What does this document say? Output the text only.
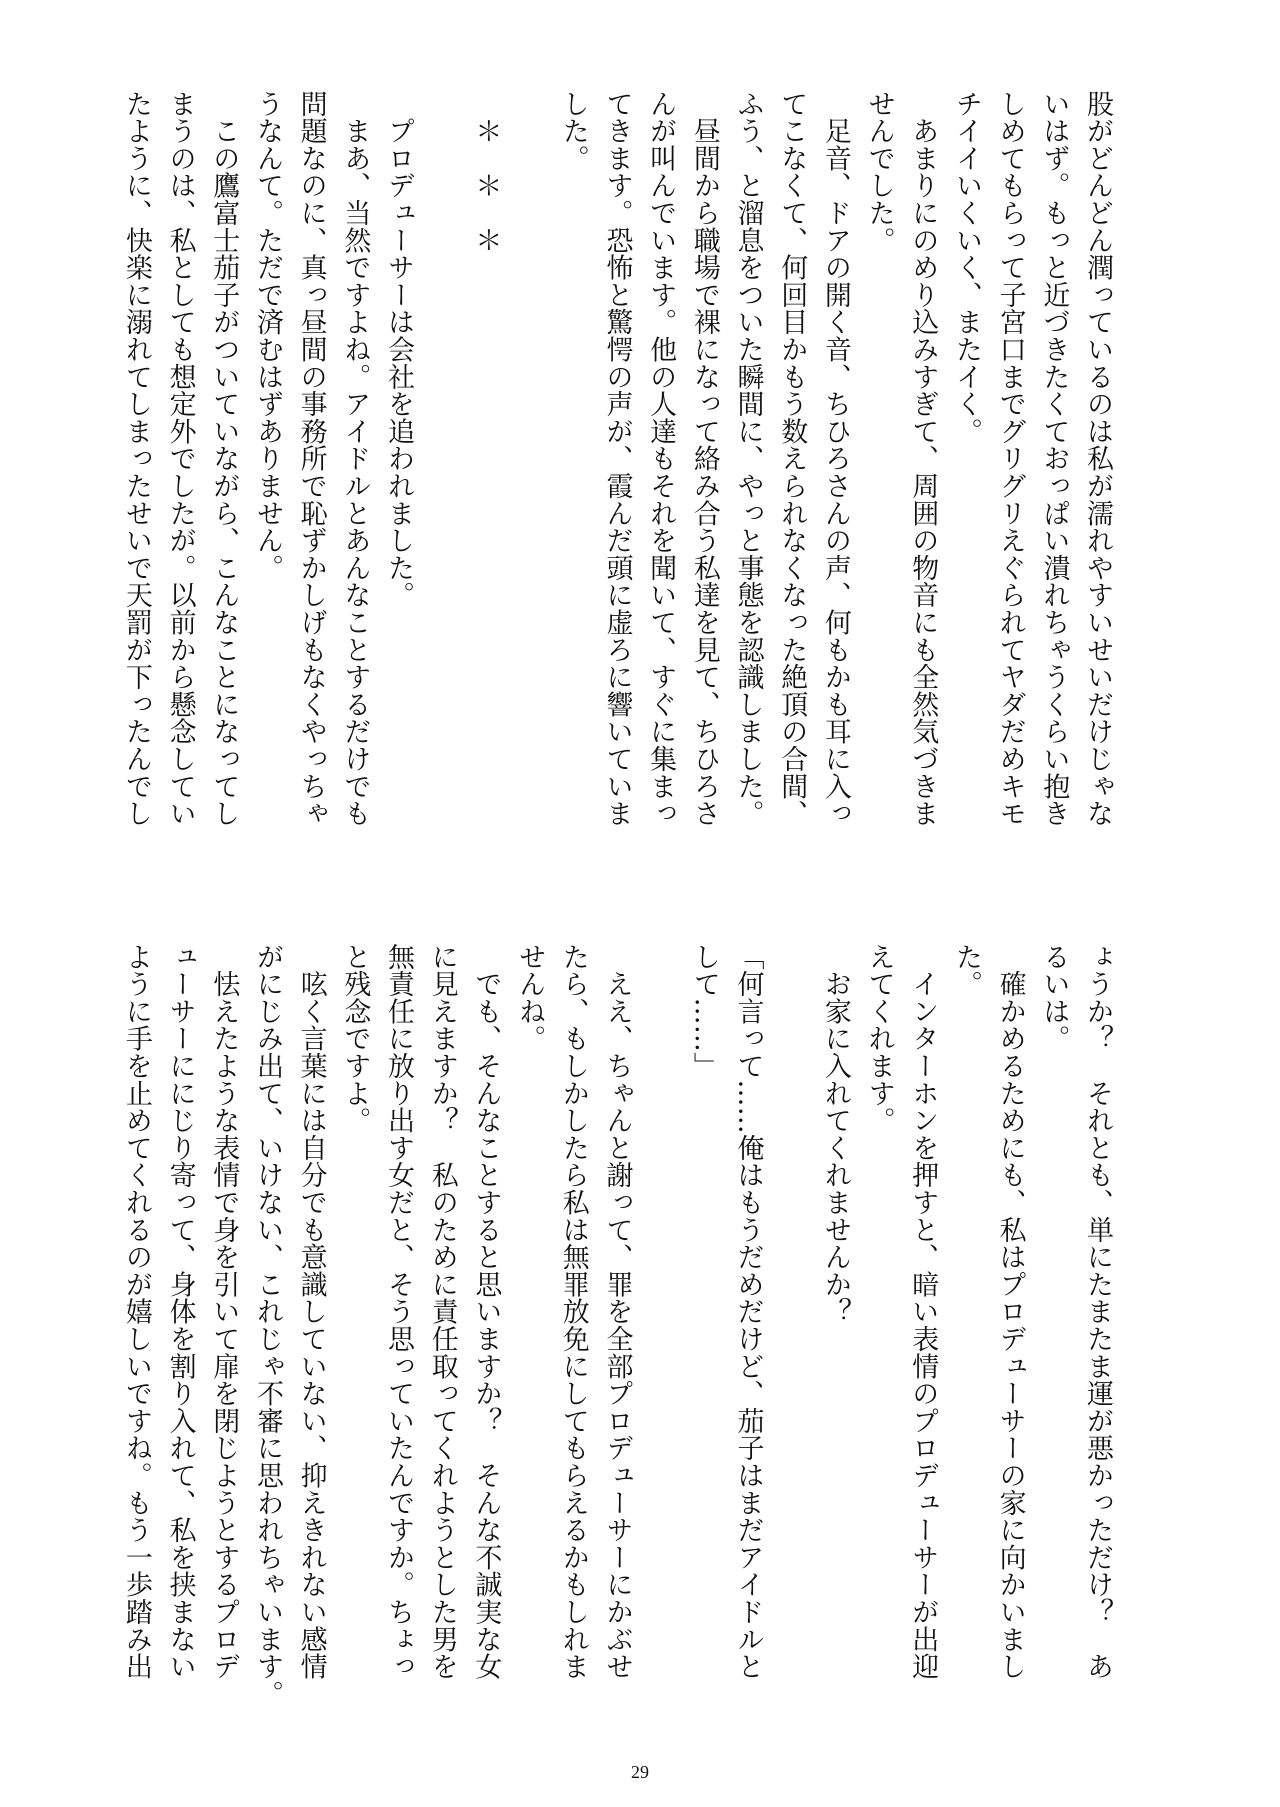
股がどんどん潤っているのは私が濡れやすいせいだけじゃな
いはず。もっと近づきたくておっぱい潰れちゃうくらい抱き
しめてもらって子宮口までグリグリえぐられてヤダだめキモ
チイイいくいく、またイく。
　あまりにのめり込みすぎて、周囲の物音にも全然気づきま
せんでした。
　足音、ドアの開く音、ちひろさんの声、何もかも耳に入っ
てこなくて、何回目かもう数えられなくなった絶頂の合間、
ふう、と溜息をついた瞬間に、やっと事態を認識しました。
　昼間から職場で裸になって絡み合う私達を見て、ちひろさ
んが叫んでいます。他の人達もそれを聞いて、すぐに集まっ
てきます。恐怖と驚愕の声が、霞んだ頭に虚ろに響いていま
した。
　＊　＊　＊
　プロデューサーは会社を追われました。
　まあ、当然ですよね。アイドルとあんなことするだけでも
問題なのに、真っ昼間の事務所で恥ずかしげもなくやっちゃ
うなんて。ただで済むはずありません。
　この鷹富士茄子がついていながら、こんなことになってし
まうのは、私としても想定外でしたが。以前から懸念してい
たように、快楽に溺れてしまったせいで天罰が下ったんでし
ょうか？　それとも、単にたまたま運が悪かっただけ？　あ
るいは。
　確かめるためにも、私はプロデューサーの家に向かいまし
た。
　インターホンを押すと、暗い表情のプロデューサーが出迎
えてくれます。
　お家に入れてくれませんか？
「何言って……俺はもうだめだけど、茄子はまだアイドルと
して……」
　ええ、ちゃんと謝って、罪を全部プロデューサーにかぶせ
たら、もしかしたら私は無罪放免にしてもらえるかもしれま
せんね。
　でも、そんなことすると思いますか？　そんな不誠実な女
に見えますか？　私のために責任取ってくれようとした男を
無責任に放り出す女だと、そう思っていたんですか。ちょっ
と残念ですよ。
　呟く言葉には自分でも意識していない、抑えきれない感情
がにじみ出て、いけない、これじゃ不審に思われちゃいます。
　怯えたような表情で身を引いて扉を閉じようとするプロデ
ューサーににじり寄って、身体を割り入れて、私を挟まない
ように手を止めてくれるのが嬉しいですね。もう一歩踏み出
29
